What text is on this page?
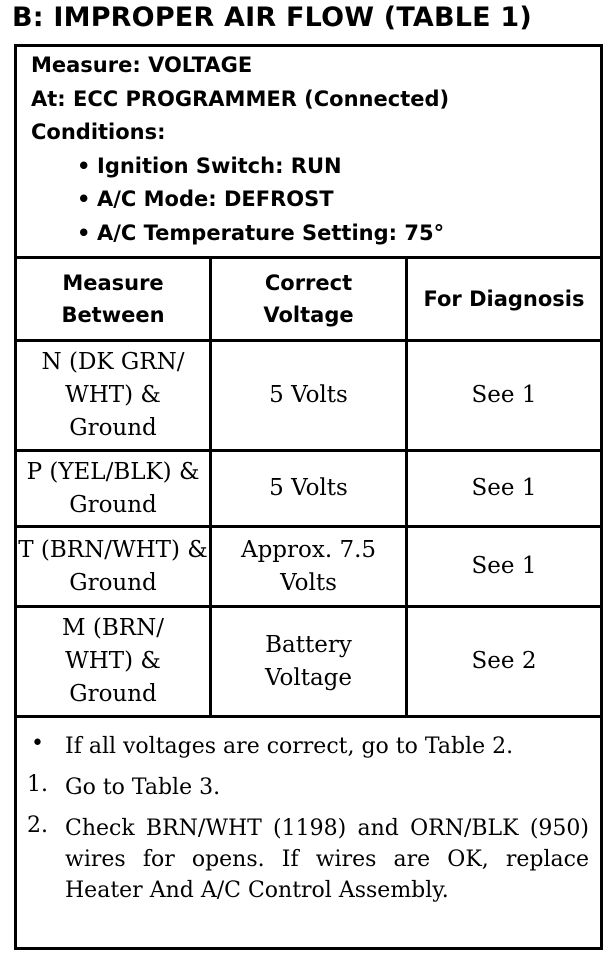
B: IMPROPER AIR FLOW (TABLE 1)
Measure: VOLTAGE
At: ECC PROGRAMMER (Connected)
Conditions:
• Ignition Switch: RUN
• A/C Mode: DEFROST
• A/C Temperature Setting: 75°
Measure Between
Correct Voltage
For Diagnosis
N (DK GRN/ WHT) & Ground
5 Volts	See 1
P (YEL/BLK) & Ground
5 Volts	See 1
T (BRN/WHT) & Ground
Approx. 7.5 Volts
See 1
M (BRN/ WHT) & Ground
Battery Voltage
See 2
• If all voltages are correct, go to Table 2.
1. Go to Table 3.
2. Check BRN/WHT (1198) and ORN/BLK (950) wires for opens. If wires are OK, replace Heater And A/C Control Assembly.
